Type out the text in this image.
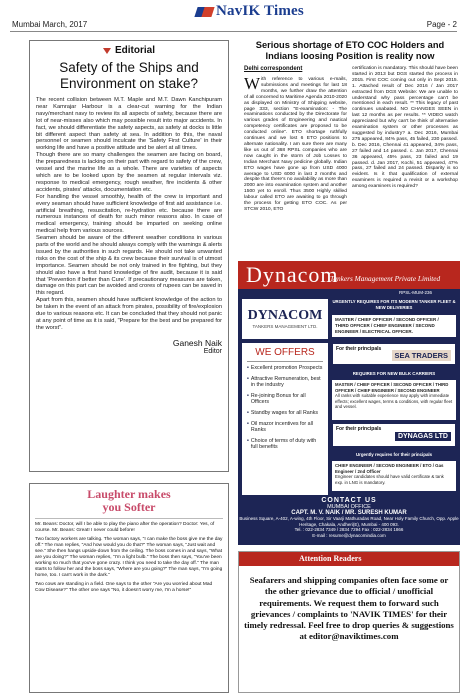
NavIK Times
Mumbai March, 2017	Page - 2
Editorial
Safety of the Ships and Environment on stake?

The recent collision between M.T. Maple and M.T. Dawn Kanchipuram near Kamrajar Harbour is a clear-cut warning for the Indian navy/merchant navy to review its all aspects of safety, because there are lot of near-misses also which may possible result into major accidents. In fact, we should differentiate the safety aspects, as safety at docks is little bit different aspect than safety at sea. In addition to this, the naval personnel or seamen should inculcate the 'Safety First Culture' in their working life and have a positive attitude and be alert at all times.

Though there are so many challenges the seamen are facing on board, the preparedness is lacking on their part with regard to safety of the crew, vessel and the marine life as a whole. There are varieties of aspects which are to be looked upon by the seamen at regular intervals viz. response to medical emergency, rough weather, fire incidents & other accidents, pirates' attacks, documentation etc.

For handling the vessel smoothly, health of the crew is important and every seaman should have sufficient knowledge of first aid assistance i.e. artificial breathing, resuscitation, re-hydration etc. because there are numerous instances of death for such minor reasons also. In case of medical emergency, training should be imparted on seeking online medical help from various sources.

Seamen should be aware of the different weather conditions in various parts of the world and he should always comply with the warnings & alerts issued by the authorities in such regards. He should not take unwanted risks on the cost of the ship & its crew because their survival is of utmost importance. Seamen should be not only trained in fire fighting, but they should also have a first hand knowledge of fire audit, because it is said that 'Prevention if better than Cure'. If precautionary measures are taken, damage on this part can be avoided and crores of rupees can be saved in this regard.

Apart from this, seamen should have sufficient knowledge of the action to be taken in the event of an attack from pirates, possibility of fire/explosion due to various reasons etc. It can be concluded that they should not panic at any point of time as it is said, "Prepare for the best and be prepared for the worst".

Ganesh Naik
Editor
Laughter makes
you Softer

Mr. Beans: Doctor, will I be able to play the piano after the operation? Doctor: Yes, of course. Mr. Beans: Great! I never could before!

Two factory workers are talking. The woman says, "I can make the boss give me the day off." The man replies, "And how would you do that?" The woman says, "Just wait and see." She then hangs upside-down from the ceiling. The boss comes in and says, "What are you doing?" The woman replies, "I'm a light bulb." The boss then says, "You've been working so much that you've gone crazy. I think you need to take the day off." The man starts to follow her and the boss says, "Where are you going?" The man says, "I'm going home, too. I can't work in the dark."

Two cows are standing in a field. One says to the other "Are you worried about Mad Cow Disease?" The other one says "No, it doesn't worry me, I'm a horse!"

Serious shortage of ETO COC Holders and Indians loosing Position is reality now
Delhi correspondent
With reference to various e-mails, submissions and meetings for last 18 months, we further draw the attention of all concerned to Maritime Agenda 2010-2020 as displayed on Ministry of Shipping website, page 333, section "E-examination: - The examinations conducted by the Directorate for various grades of Engineering and nautical competency certificates are proposed to be conducted online". ETO shortage ruthfully continues and we lost 6 ETO positions to alternate nationality. I am sure there are many like us out of 368 RPSL companies who are now caught in the storm of Job Losses to Indian Merchant Navy pedicine globally. Indian ETO wages have gone up from USD 4000 average to USD 6000 in last 2 months and despite that there's no availability as more than 2000 are into examination system and another 1500 yet to enroll. Thus 3500 Highly skilled labour called ETO are awaiting to go through the process for getting ETO COC. As per STCW 2010, ETO
certification is mandatory. This should have been started in 2013 but DGS started the process in 2015. First COC coming out only in Sept 2015. 1. Attached result of Dec 2016 / Jan 2017 extracted from DGS Website: We are unable to understand why pass percentage can't be mentioned in each result. ** This legacy of past continues unabated. NO CHANGES SEEN in last 12 months as per results. ** VIDEO watch appreciated but why can't be think of alternative examination system or other processes as suggested by industry? a. Dec 2016, Mumbai 275 appeared, 84% pass, 45 failed, 230 passed. b. Dec 2016, Chennai 41 appeared, 34% pass, 27 failed and 14 passed. c. Jan 2017, Chennai 36 appeared, 45% pass, 23 failed and 19 passed. d. Jan 2017, Kochi, 51 appeared, 47% pass, 27 failed and 24 passed. Disparity is so evident. Is it that qualification of external examiners is required a revisit or a workshop among examiners is required?
Dynacom
Tankers Management Private Limited
RPSL-MUM-236
DYNACOM
TANKERS MANAGEMENT LTD.
URGENTLY REQUIRES FOR ITS MODERN TANKER FLEET & NEW DELIVERIES
MASTER / CHIEF OFFICER / SECOND OFFICER / THIRD OFFICER / CHIEF ENGINEER / SECOND ENGINEER / ELECTRICAL OFFICER.
WE OFFERS
• Excellent promotion Prospects
• Attractive Remuneration, best in the industry
• Re-joining Bonus for all Officers
• Standby wages for all Ranks
• Oil mazor incentives for all Ranks
• Choice of terms of duty with full benefits
For their principals
SEA TRADERS
REQUIRES FOR NEW BULK CARRIERS
MASTER / CHIEF OFFICER / SECOND OFFICER / THIRD OFFICER / CHIEF ENGINEER / SECOND ENGINEER
All ranks with suitable experience may apply with immediate effects; excellent wages, terms & conditions, with regular fleet and vessel.
For their principals
DYNAGAS LTD
Urgently requires for their principals
CHIEF ENGINEER / SECOND ENGINEER / ETO / Gas Engineer / 2nd Officer
Engineer candidates should have valid certificate & tank exp. in LNG is mandatory.
CONTACT US
MUMBAI OFFICE
CAPT. M. V. NAIK / MR. SURESH KUMAR
Business Square, A-402, A-wing, 4th Floor, Sir Vaarji Mathuradas Road, Near Holy Family Church, Opp. Apple Heritage, Chakala, Andheri(E), Mumbai - 400 093.
Tel. : 022-2834 7349 / 2834 7294 Fax : 022-2834 1866
E-mail : resume@dynacomindia.com
Attention Readers
Seafarers and shipping companies often face some or the other grievance due to official / unofficial requirements. We request them to forward such grievances / complaints to 'NAVIK TIMES' for their timely redressal. Feel free to drop queries & suggestions at editor@naviktimes.com
